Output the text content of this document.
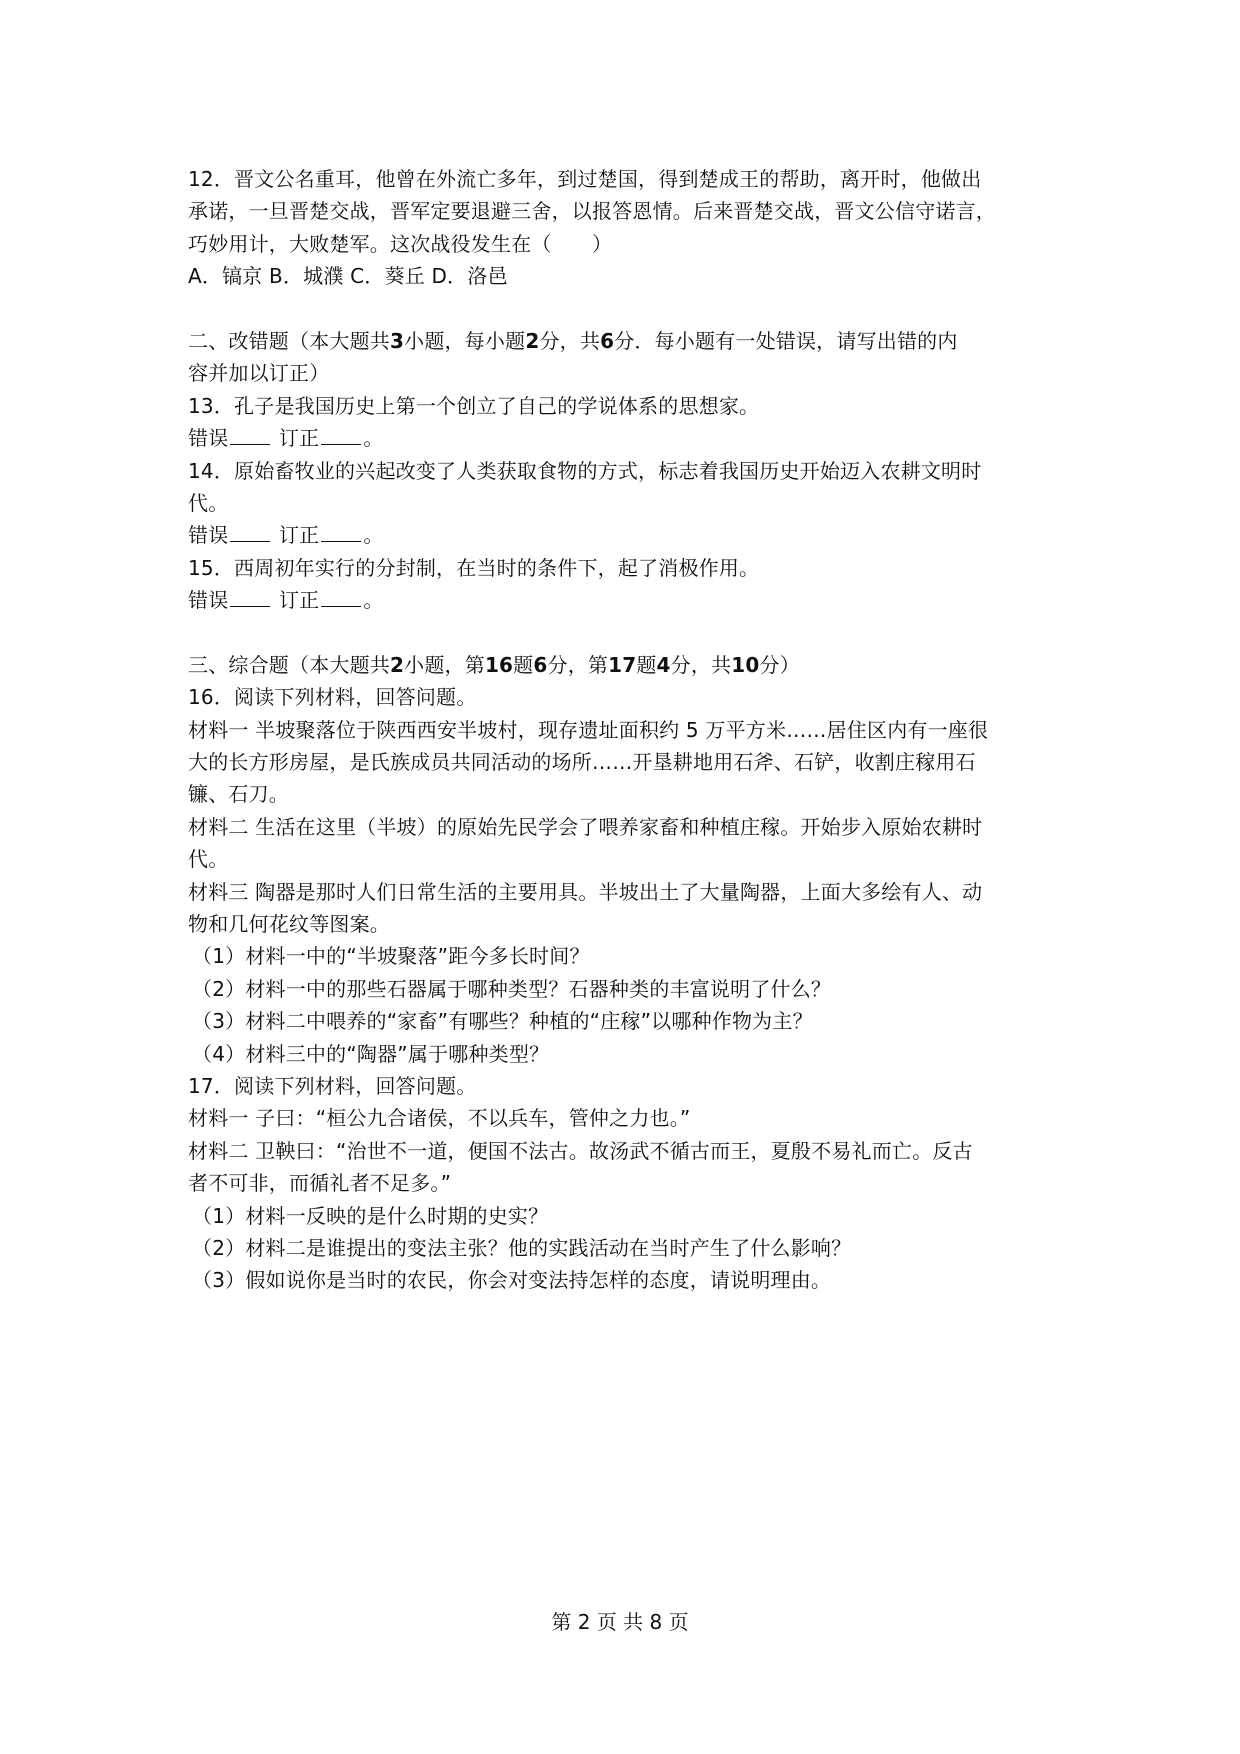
12．晋文公名重耳，他曾在外流亡多年，到过楚国，得到楚成王的帮助，离开时，他做出
承诺，一旦晋楚交战，晋军定要退避三舍，以报答恩情。后来晋楚交战，晋文公信守诺言，
巧妙用计，大败楚军。这次战役发生在（　　）
A．镐京 B．城濮 C．葵丘 D．洛邑
二、改错题（本大题共3小题，每小题2分，共6分．每小题有一处错误，请写出错的内
容并加以订正）
13．孔子是我国历史上第一个创立了自己的学说体系的思想家。
错误	订正 。
14．原始畜牧业的兴起改变了人类获取食物的方式，标志着我国历史开始迈入农耕文明时
代。
错误	订正 。
15．西周初年实行的分封制，在当时的条件下，起了消极作用。
错误	订正 。
三、综合题（本大题共2小题，第16题6分，第17题4分，共10分）
16．阅读下列材料，回答问题。
材料一 半坡聚落位于陕西西安半坡村，现存遗址面积约 5 万平方米……居住区内有一座很
大的长方形房屋，是氏族成员共同活动的场所……开垦耕地用石斧、石铲，收割庄稼用石
镰、石刀。
材料二 生活在这里（半坡）的原始先民学会了喂养家畜和种植庄稼。开始步入原始农耕时
代。
材料三 陶器是那时人们日常生活的主要用具。半坡出土了大量陶器，上面大多绘有人、动
物和几何花纹等图案。
（1）材料一中的“半坡聚落”距今多长时间？
（2）材料一中的那些石器属于哪种类型？石器种类的丰富说明了什么？
（3）材料二中喂养的“家畜”有哪些？种植的“庄稼”以哪种作物为主？
（4）材料三中的“陶器”属于哪种类型？
17．阅读下列材料，回答问题。
材料一 子曰：“桓公九合诸侯，不以兵车，管仲之力也。”
材料二 卫鞅曰：“治世不一道，便国不法古。故汤武不循古而王，夏殷不易礼而亡。反古
者不可非，而循礼者不足多。”
（1）材料一反映的是什么时期的史实？
（2）材料二是谁提出的变法主张？他的实践活动在当时产生了什么影响？
（3）假如说你是当时的农民，你会对变法持怎样的态度，请说明理由。
第 2 页 共 8 页
